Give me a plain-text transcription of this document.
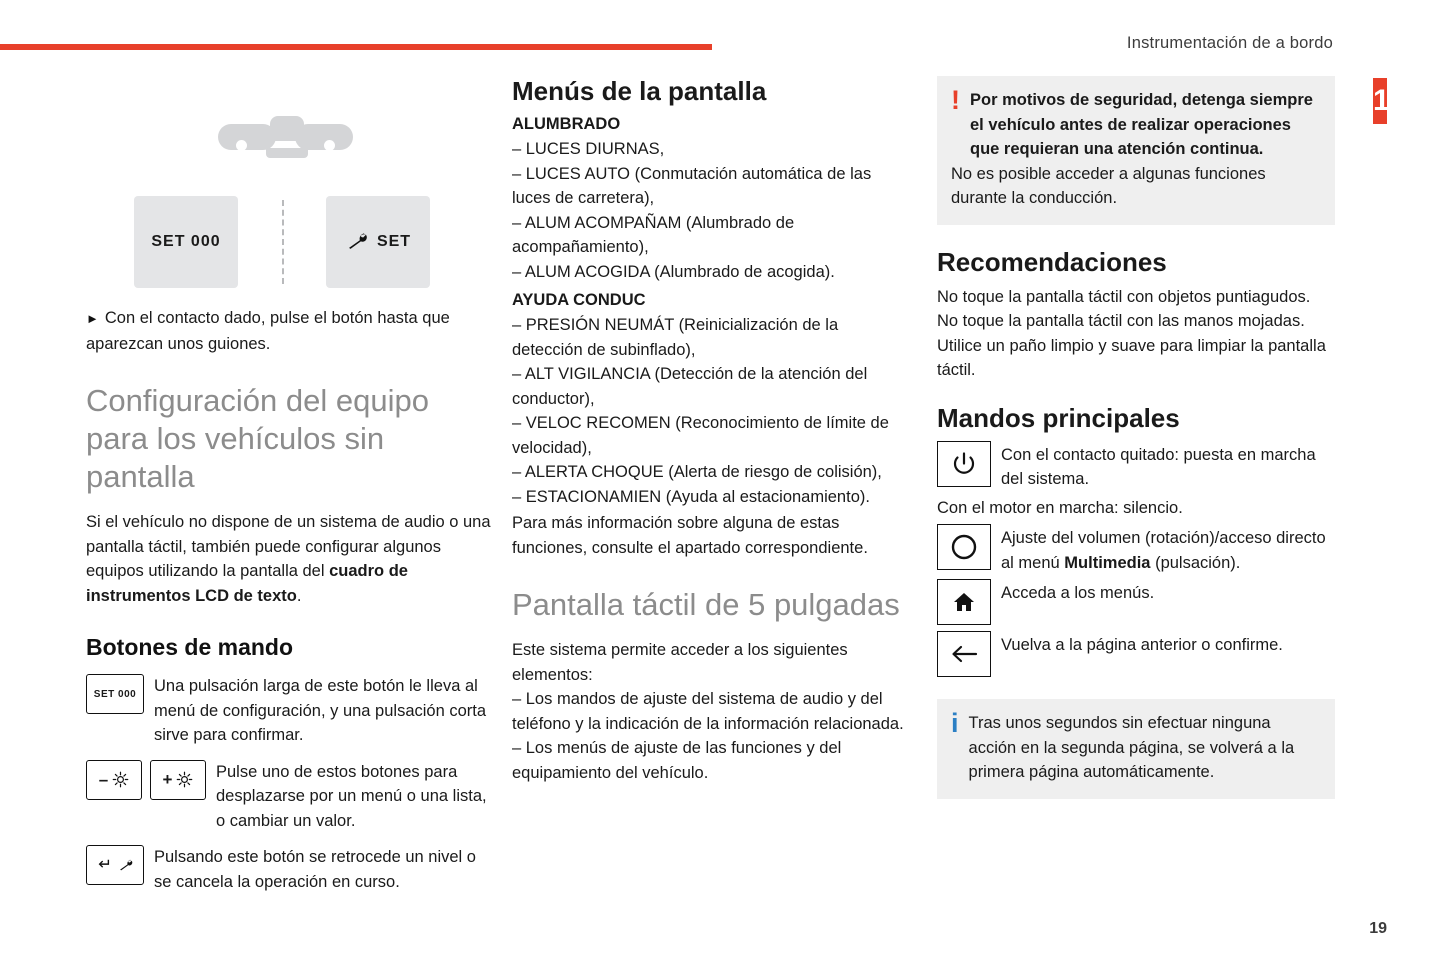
Instrumentación de a bordo
1
19
SET 000	SET

► Con el contacto dado, pulse el botón hasta que aparezcan unos guiones.

Configuración del equipo para los vehículos sin pantalla

Si el vehículo no dispone de un sistema de audio o una pantalla táctil, también puede configurar algunos equipos utilizando la pantalla del cuadro de instrumentos LCD de texto.

Botones de mando
SET 000 Una pulsación larga de este botón le lleva al menú de configuración, y una pulsación corta sirve para confirmar.
–	+	Pulse uno de estos botones para desplazarse por un menú o una lista, o cambiar un valor.
Pulsando este botón se retrocede un nivel o se cancela la operación en curso.
Menús de la pantalla
ALUMBRADO
– LUCES DIURNAS,
– LUCES AUTO (Conmutación automática de las luces de carretera),
– ALUM ACOMPAÑAM (Alumbrado de acompañamiento),
– ALUM ACOGIDA (Alumbrado de acogida).
AYUDA CONDUC
– PRESIÓN NEUMÁT (Reinicialización de la detección de subinflado),
– ALT VIGILANCIA (Detección de la atención del conductor),
– VELOC RECOMEN (Reconocimiento de límite de velocidad),
– ALERTA CHOQUE (Alerta de riesgo de colisión),
– ESTACIONAMIEN (Ayuda al estacionamiento).

Para más información sobre alguna de estas funciones, consulte el apartado correspondiente.

Pantalla táctil de 5 pulgadas

Este sistema permite acceder a los siguientes elementos:

– Los mandos de ajuste del sistema de audio y del teléfono y la indicación de la información relacionada.

– Los menús de ajuste de las funciones y del equipamiento del vehículo.

! Por motivos de seguridad, detenga siempre el vehículo antes de realizar operaciones que requieran una atención continua.

No es posible acceder a algunas funciones durante la conducción.

Recomendaciones

No toque la pantalla táctil con objetos puntiagudos.

No toque la pantalla táctil con las manos mojadas.

Utilice un paño limpio y suave para limpiar la pantalla táctil.

Mandos principales
Con el contacto quitado: puesta en marcha del sistema.
Con el motor en marcha: silencio.
Ajuste del volumen (rotación)/acceso directo al menú Multimedia (pulsación).
Acceda a los menús.
Vuelva a la página anterior o confirme.
i Tras unos segundos sin efectuar ninguna acción en la segunda página, se volverá a la primera página automáticamente.
